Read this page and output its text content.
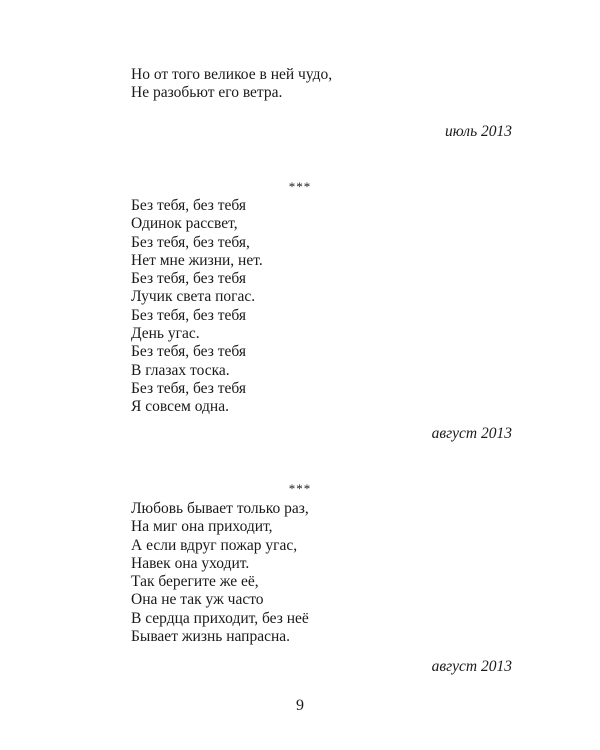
Но от того великое в ней чудо,
Не разобьют его ветра.
июль 2013
***
Без тебя, без тебя
Одинок рассвет,
Без тебя, без тебя,
Нет мне жизни, нет.
Без тебя, без тебя
Лучик света погас.
Без тебя, без тебя
День угас.
Без тебя, без тебя
В глазах тоска.
Без тебя, без тебя
Я совсем одна.
август 2013
***
Любовь бывает только раз,
На миг она приходит,
А если вдруг пожар угас,
Навек она уходит.
Так берегите же её,
Она не так уж часто
В сердца приходит, без неё
Бывает жизнь напрасна.
август 2013
9
